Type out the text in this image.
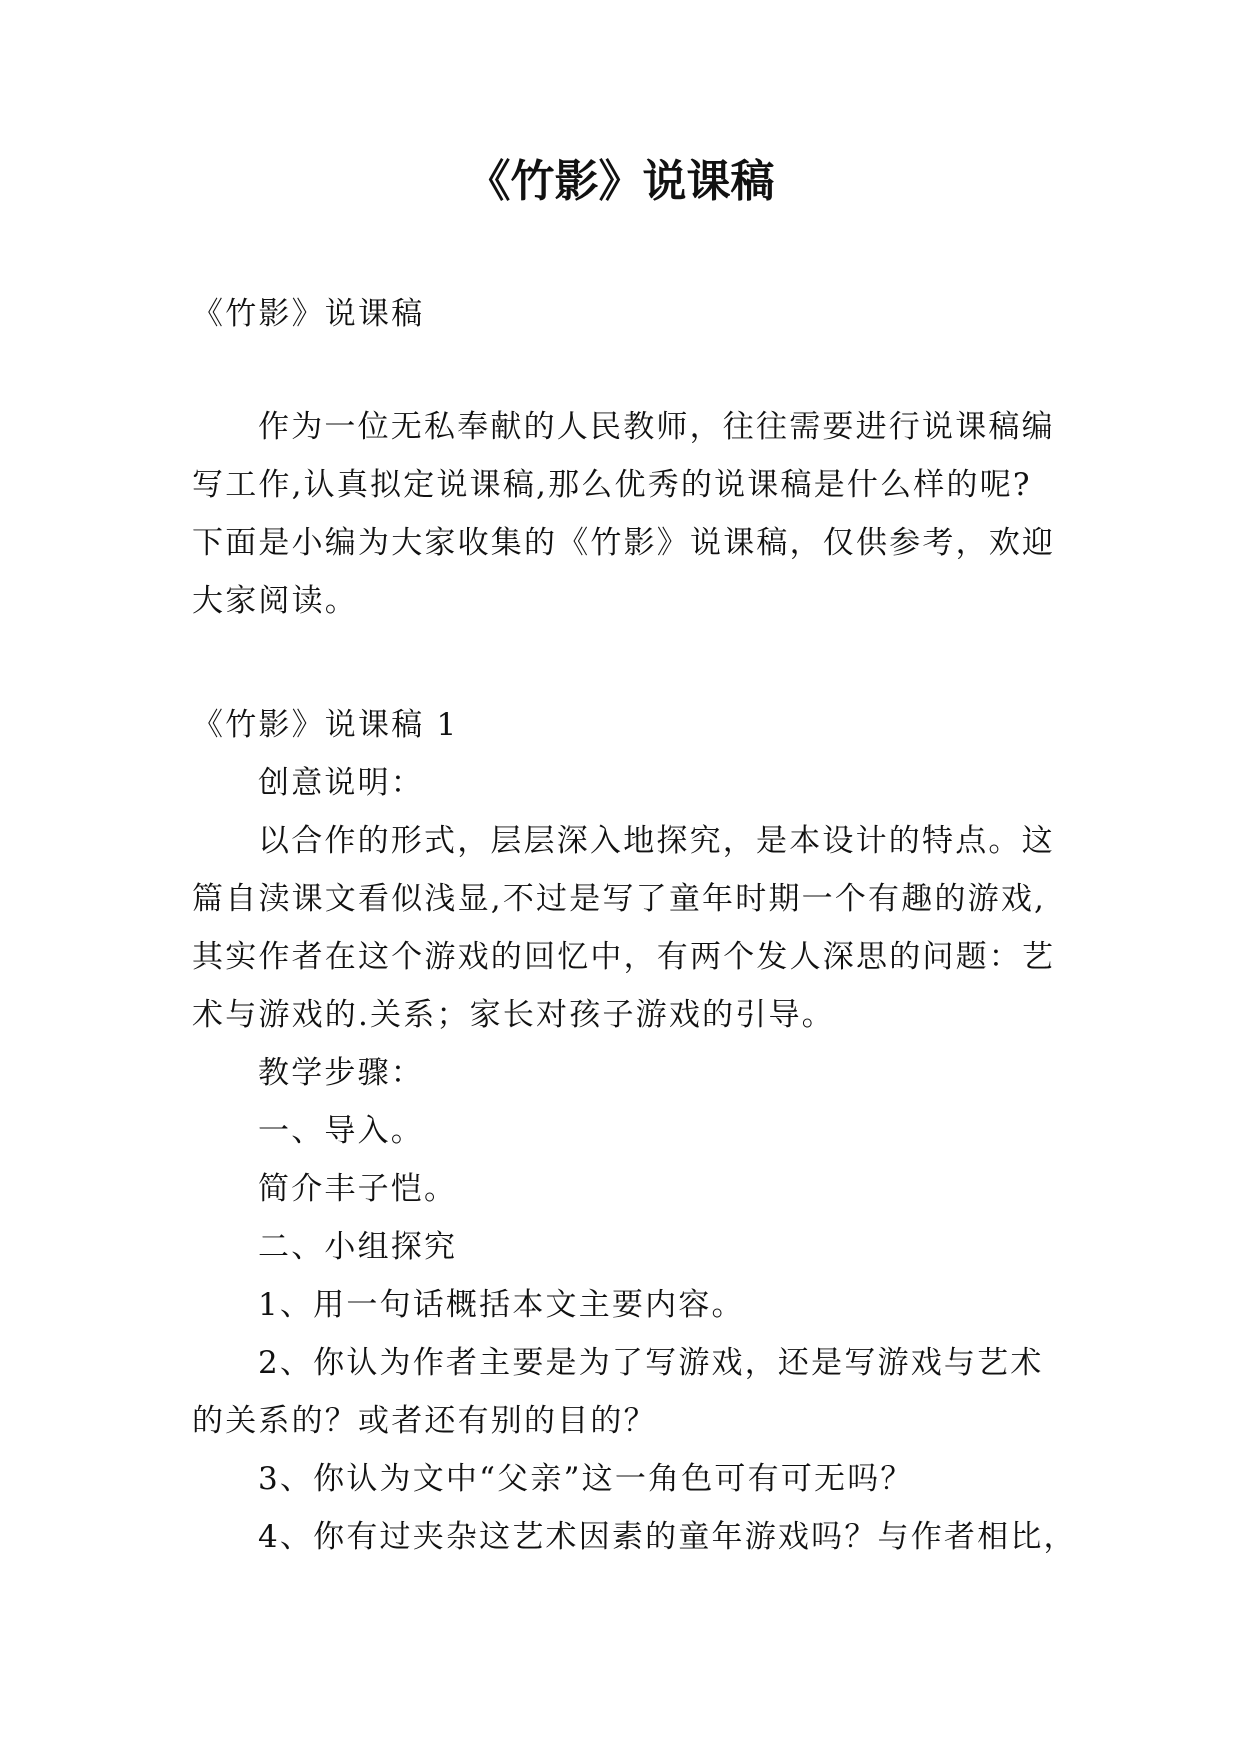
《竹影》说课稿

《竹影》说课稿

作为一位无私奉献的人民教师，往往需要进行说课稿编

写工作,认真拟定说课稿,那么优秀的说课稿是什么样的呢?

下面是小编为大家收集的《竹影》说课稿，仅供参考，欢迎

大家阅读。

《竹影》说课稿 1

创意说明：

以合作的形式，层层深入地探究，是本设计的特点。这

篇自渎课文看似浅显,不过是写了童年时期一个有趣的游戏,

其实作者在这个游戏的回忆中，有两个发人深思的问题：艺

术与游戏的.关系；家长对孩子游戏的引导。

教学步骤：

一、导入。

简介丰子恺。

二、小组探究

1、用一句话概括本文主要内容。

2、你认为作者主要是为了写游戏，还是写游戏与艺术

的关系的？或者还有别的目的？

3、你认为文中“父亲”这一角色可有可无吗？

4、你有过夹杂这艺术因素的童年游戏吗？与作者相比，
